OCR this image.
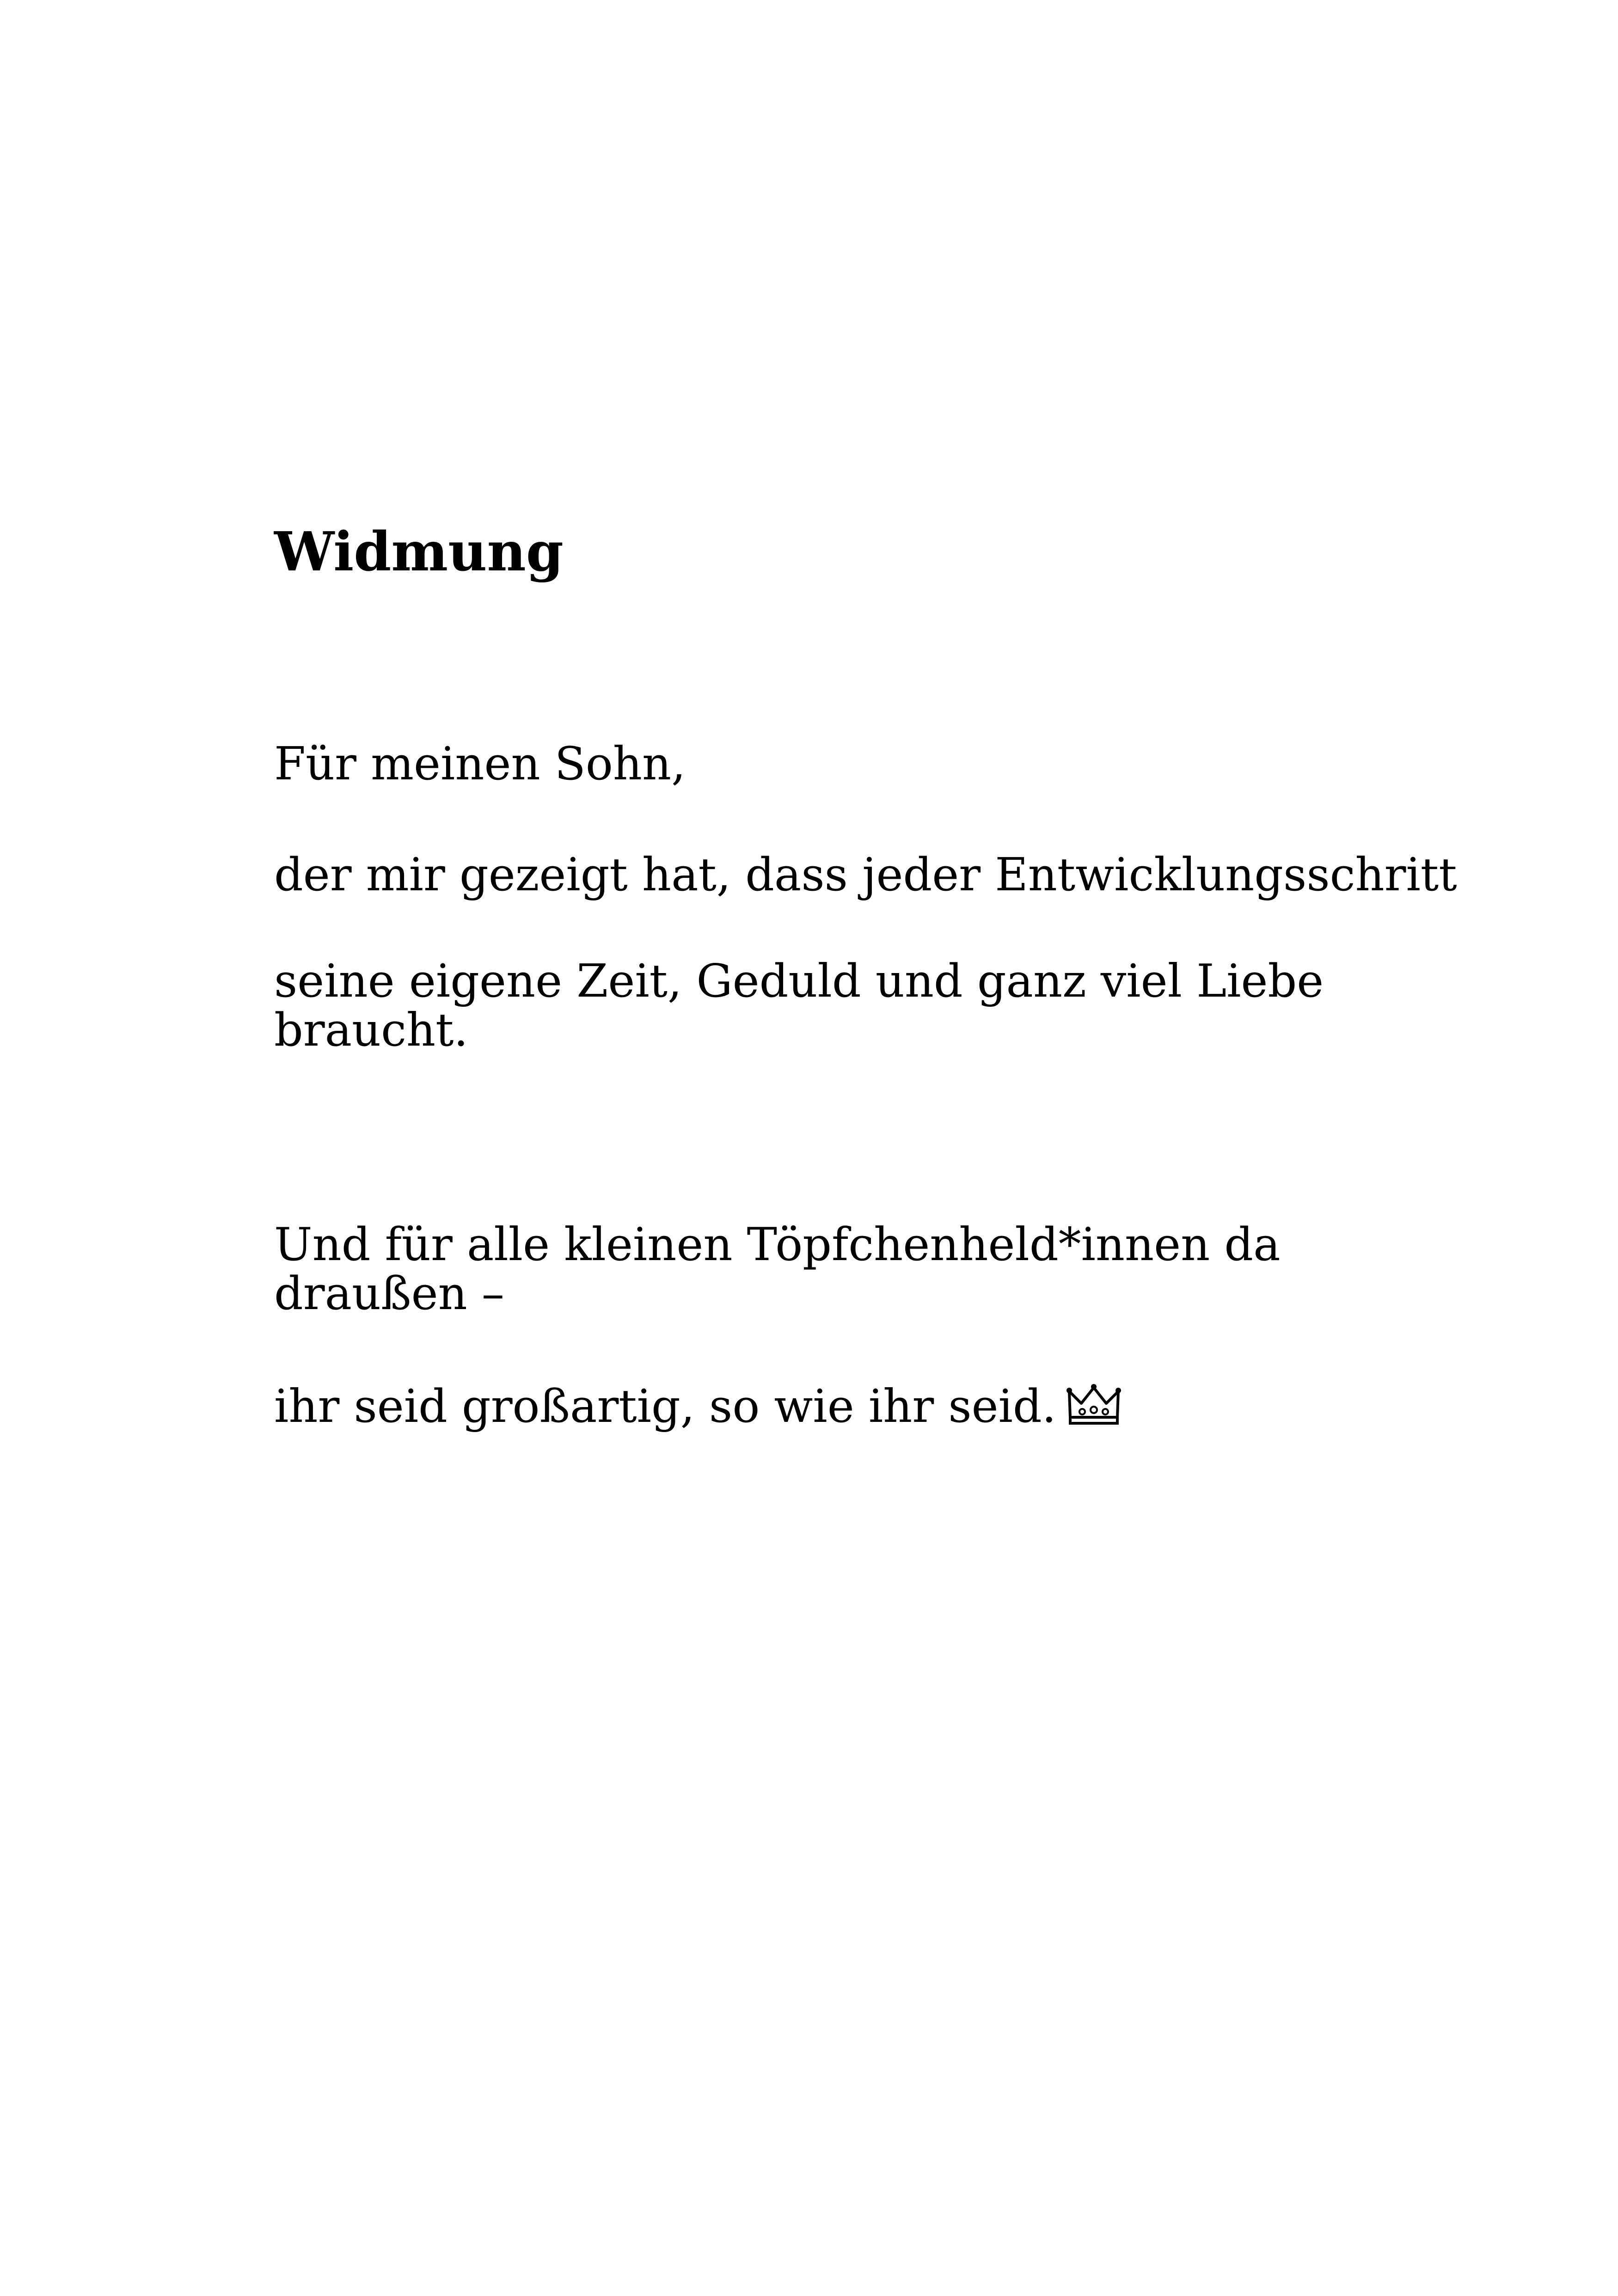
Widmung

Für meinen Sohn,

der mir gezeigt hat, dass jeder Entwicklungsschritt

seine eigene Zeit, Geduld und ganz viel Liebe
braucht.

Und für alle kleinen Töpfchenheld*innen da
draußen –

ihr seid großartig, so wie ihr seid.
